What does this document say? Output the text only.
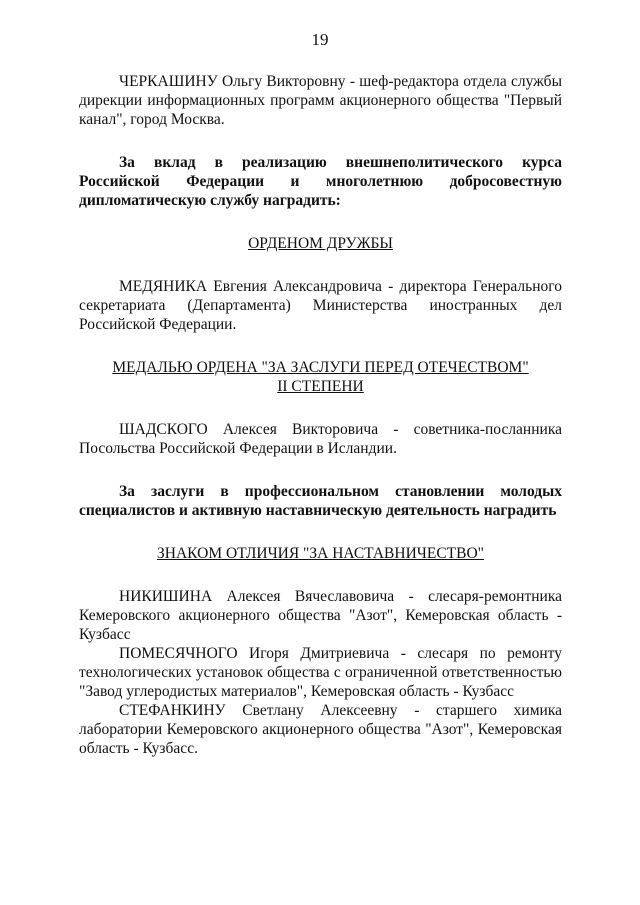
19

ЧЕРКАШИНУ Ольгу Викторовну - шеф-редактора отдела службы дирекции информационных программ акционерного общества "Первый канал", город Москва.

За вклад в реализацию внешнеполитического курса Российской Федерации и многолетнюю добросовестную дипломатическую службу наградить:

ОРДЕНОМ ДРУЖБЫ

МЕДЯНИКА Евгения Александровича - директора Генерального секретариата (Департамента) Министерства иностранных дел Российской Федерации.

МЕДАЛЬЮ ОРДЕНА "ЗА ЗАСЛУГИ ПЕРЕД ОТЕЧЕСТВОМ"
II СТЕПЕНИ

ШАДСКОГО Алексея Викторовича - советника-посланника Посольства Российской Федерации в Исландии.

За заслуги в профессиональном становлении молодых специалистов и активную наставническую деятельность наградить

ЗНАКОМ ОТЛИЧИЯ "ЗА НАСТАВНИЧЕСТВО"

НИКИШИНА Алексея Вячеславовича - слесаря-ремонтника Кемеровского акционерного общества "Азот", Кемеровская область - Кузбасс

ПОМЕСЯЧНОГО Игоря Дмитриевича - слесаря по ремонту технологических установок общества с ограниченной ответственностью "Завод углеродистых материалов", Кемеровская область - Кузбасс

СТЕФАНКИНУ Светлану Алексеевну - старшего химика лаборатории Кемеровского акционерного общества "Азот", Кемеровская область - Кузбасс.
